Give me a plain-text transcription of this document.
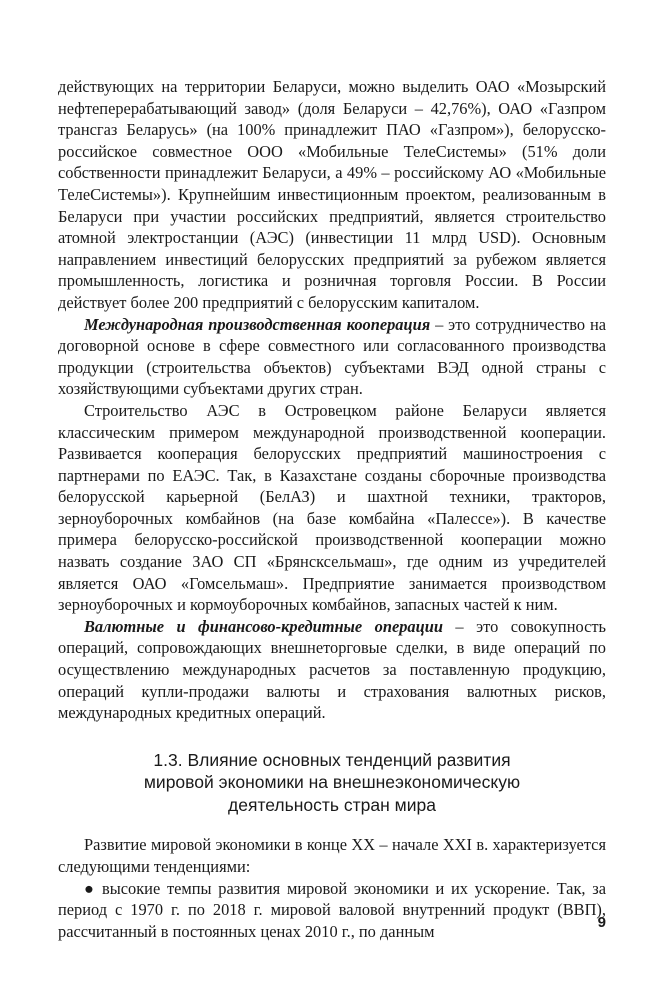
действующих на территории Беларуси, можно выделить ОАО «Мозырский нефтеперерабатывающий завод» (доля Беларуси – 42,76%), ОАО «Газпром трансгаз Беларусь» (на 100% принадлежит ПАО «Газпром»), белорусско-российское совместное ООО «Мобильные ТелеСистемы» (51% доли собственности принадлежит Беларуси, а 49% – российскому АО «Мобильные ТелеСистемы»). Крупнейшим инвестиционным проектом, реализованным в Беларуси при участии российских предприятий, является строительство атомной электростанции (АЭС) (инвестиции 11 млрд USD). Основным направлением инвестиций белорусских предприятий за рубежом является промышленность, логистика и розничная торговля России. В России действует более 200 предприятий с белорусским капиталом.

Международная производственная кооперация – это сотрудничество на договорной основе в сфере совместного или согласованного производства продукции (строительства объектов) субъектами ВЭД одной страны с хозяйствующими субъектами других стран.

Строительство АЭС в Островецком районе Беларуси является классическим примером международной производственной кооперации. Развивается кооперация белорусских предприятий машиностроения с партнерами по ЕАЭС. Так, в Казахстане созданы сборочные производства белорусской карьерной (БелАЗ) и шахтной техники, тракторов, зерноуборочных комбайнов (на базе комбайна «Палессе»). В качестве примера белорусско-российской производственной кооперации можно назвать создание ЗАО СП «Брянсксельмаш», где одним из учредителей является ОАО «Гомсельмаш». Предприятие занимается производством зерноуборочных и кормоуборочных комбайнов, запасных частей к ним.

Валютные и финансово-кредитные операции – это совокупность операций, сопровождающих внешнеторговые сделки, в виде операций по осуществлению международных расчетов за поставленную продукцию, операций купли-продажи валюты и страхования валютных рисков, международных кредитных операций.

1.3. Влияние основных тенденций развития
мировой экономики на внешнеэкономическую
деятельность стран мира

Развитие мировой экономики в конце XX – начале XXI в. характеризуется следующими тенденциями:

● высокие темпы развития мировой экономики и их ускорение. Так, за период с 1970 г. по 2018 г. мировой валовой внутренний продукт (ВВП), рассчитанный в постоянных ценах 2010 г., по данным	9
